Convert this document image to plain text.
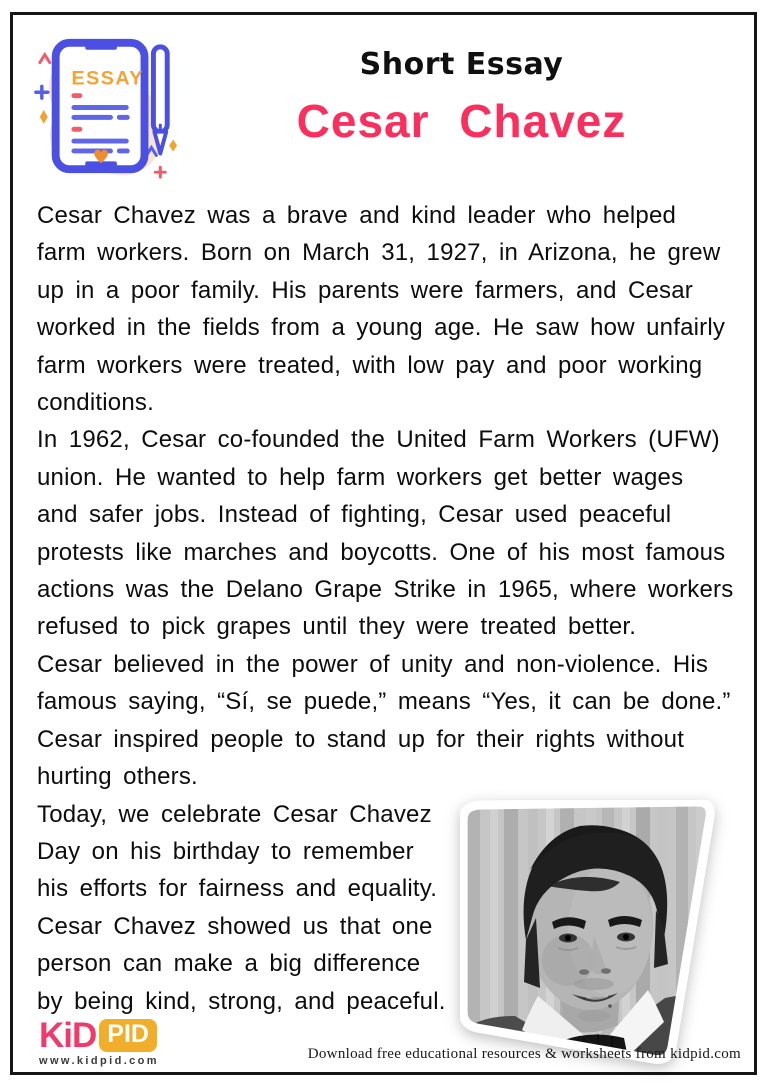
ESSAY	Short Essay
Cesar Chavez

Cesar Chavez was a brave and kind leader who helped farm workers. Born on March 31, 1927, in Arizona, he grew up in a poor family. His parents were farmers, and Cesar worked in the fields from a young age. He saw how unfairly farm workers were treated, with low pay and poor working conditions.

In 1962, Cesar co-founded the United Farm Workers (UFW) union. He wanted to help farm workers get better wages and safer jobs. Instead of fighting, Cesar used peaceful protests like marches and boycotts. One of his most famous actions was the Delano Grape Strike in 1965, where workers refused to pick grapes until they were treated better.

Cesar believed in the power of unity and non-violence. His famous saying, “Sí, se puede,” means “Yes, it can be done.” Cesar inspired people to stand up for their rights without hurting others.

Today, we celebrate Cesar Chavez Day on his birthday to remember his efforts for fairness and equality. Cesar Chavez showed us that one person can make a big difference by being kind, strong, and peaceful.

KiD PID
www.kidpid.com	Download free educational resources & worksheets from kidpid.com
